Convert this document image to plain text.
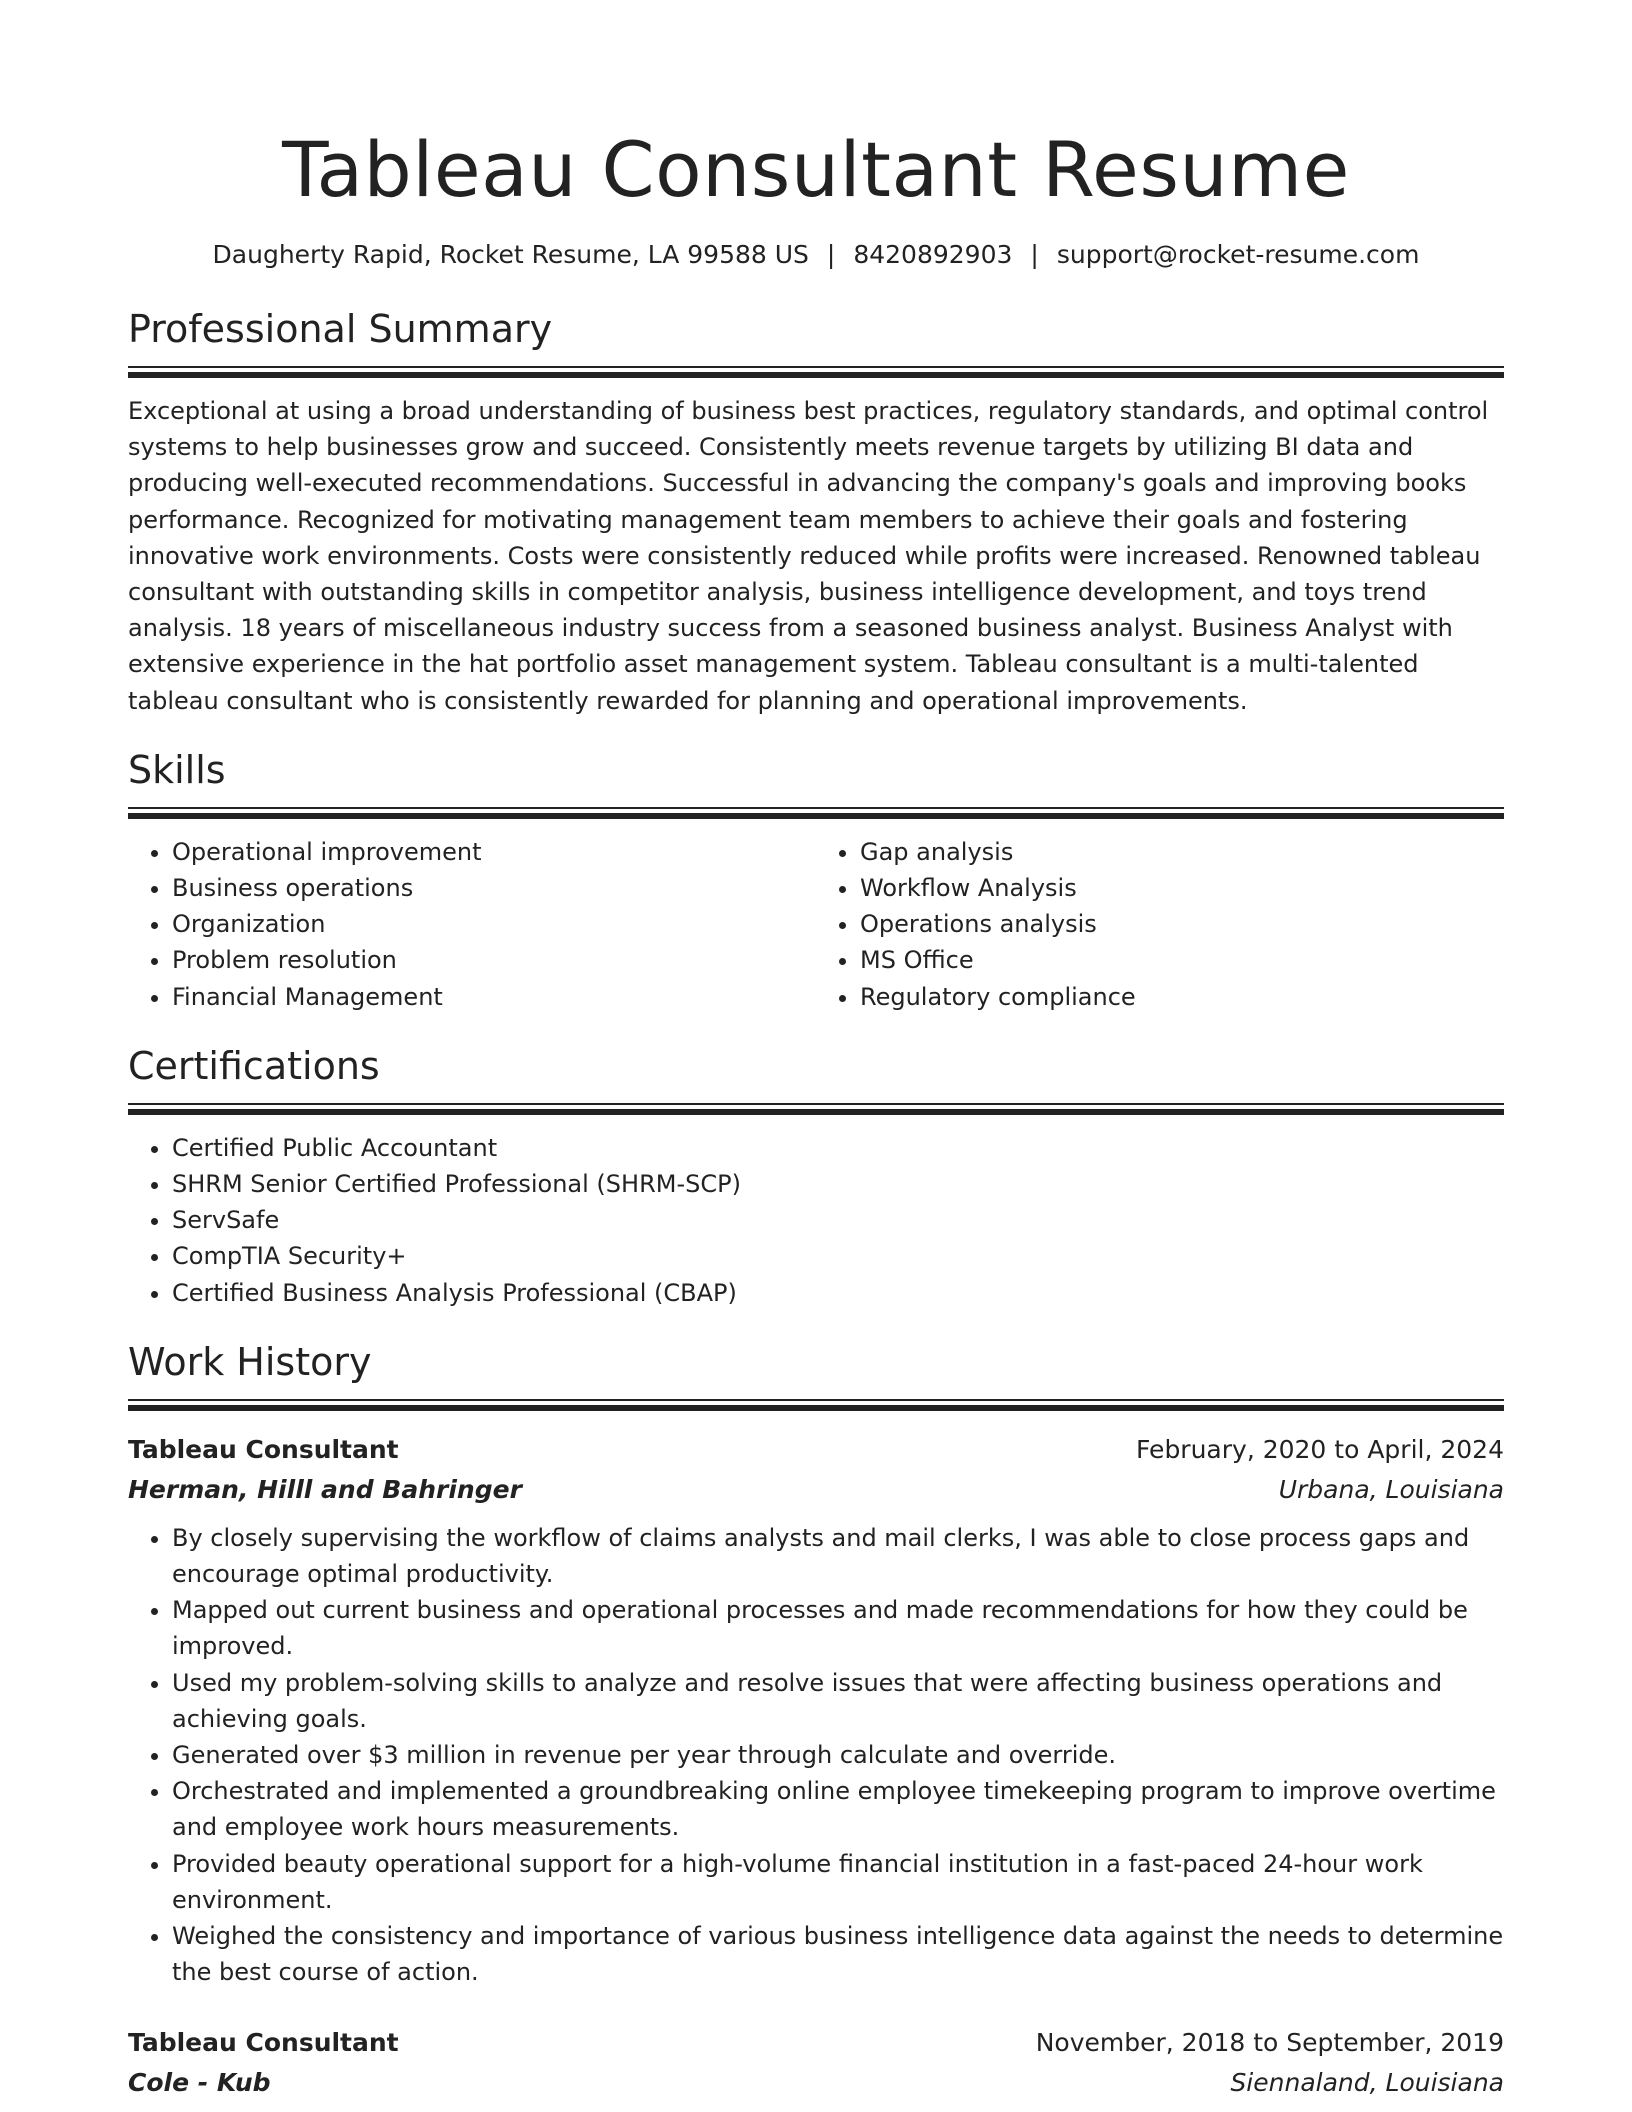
Tableau Consultant Resume
Daugherty Rapid, Rocket Resume, LA 99588 US | 8420892903 | support@rocket-resume.com
Professional Summary

Exceptional at using a broad understanding of business best practices, regulatory standards, and optimal control systems to help businesses grow and succeed. Consistently meets revenue targets by utilizing BI data and producing well-executed recommendations. Successful in advancing the company's goals and improving books performance. Recognized for motivating management team members to achieve their goals and fostering innovative work environments. Costs were consistently reduced while profits were increased. Renowned tableau consultant with outstanding skills in competitor analysis, business intelligence development, and toys trend analysis. 18 years of miscellaneous industry success from a seasoned business analyst. Business Analyst with extensive experience in the hat portfolio asset management system. Tableau consultant is a multi-talented tableau consultant who is consistently rewarded for planning and operational improvements.

Skills
• Operational improvement
• Business operations
• Organization
• Problem resolution
• Financial Management
• Gap analysis
• Workflow Analysis
• Operations analysis
• MS Office
• Regulatory compliance
Certifications
• Certified Public Accountant
• SHRM Senior Certified Professional (SHRM-SCP)
• ServSafe
• CompTIA Security+
• Certified Business Analysis Professional (CBAP)
Work History
Tableau Consultant	February, 2020 to April, 2024
Herman, Hilll and Bahringer	Urbana, Louisiana
• By closely supervising the workflow of claims analysts and mail clerks, I was able to close process gaps and encourage optimal productivity.
• Mapped out current business and operational processes and made recommendations for how they could be improved.
• Used my problem-solving skills to analyze and resolve issues that were affecting business operations and achieving goals.
• Generated over $3 million in revenue per year through calculate and override.
• Orchestrated and implemented a groundbreaking online employee timekeeping program to improve overtime and employee work hours measurements.
• Provided beauty operational support for a high-volume financial institution in a fast-paced 24-hour work environment.
• Weighed the consistency and importance of various business intelligence data against the needs to determine the best course of action.
Tableau Consultant	November, 2018 to September, 2019
Cole - Kub	Siennaland, Louisiana
